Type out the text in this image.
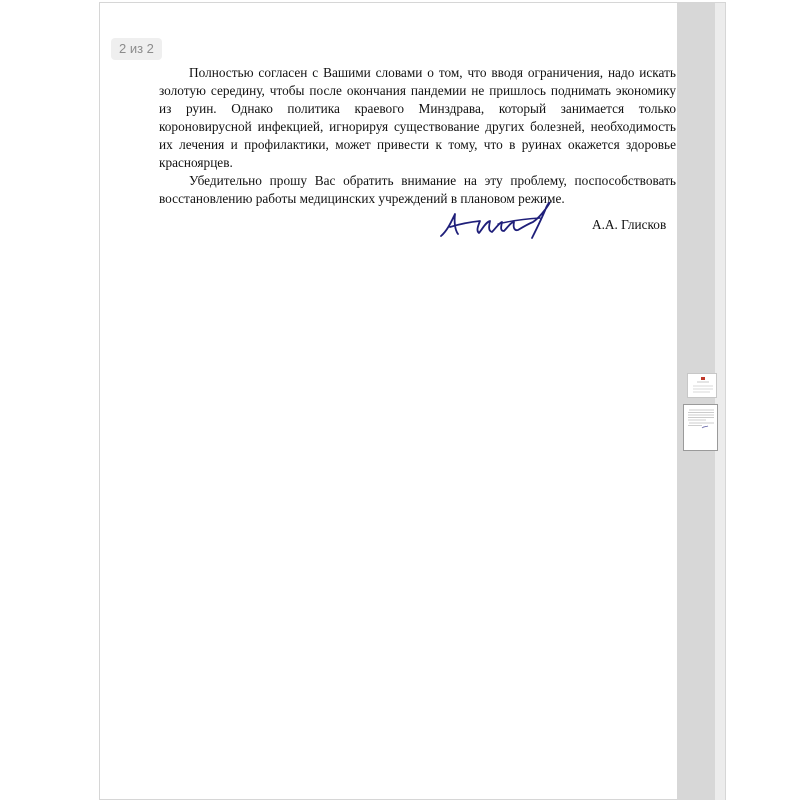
2 из 2

Полностью согласен с Вашими словами о том, что вводя ограничения, надо искать золотую середину, чтобы после окончания пандемии не пришлось поднимать экономику из руин. Однако политика краевого Минздрава, который занимается только короновирусной инфекцией, игнорируя существование других болезней, необходимость их лечения и профилактики, может привести к тому, что в руинах окажется здоровье красноярцев.

Убедительно прошу Вас обратить внимание на эту проблему, поспособствовать восстановлению работы медицинских учреждений в плановом режиме.

А.А. Глисков
